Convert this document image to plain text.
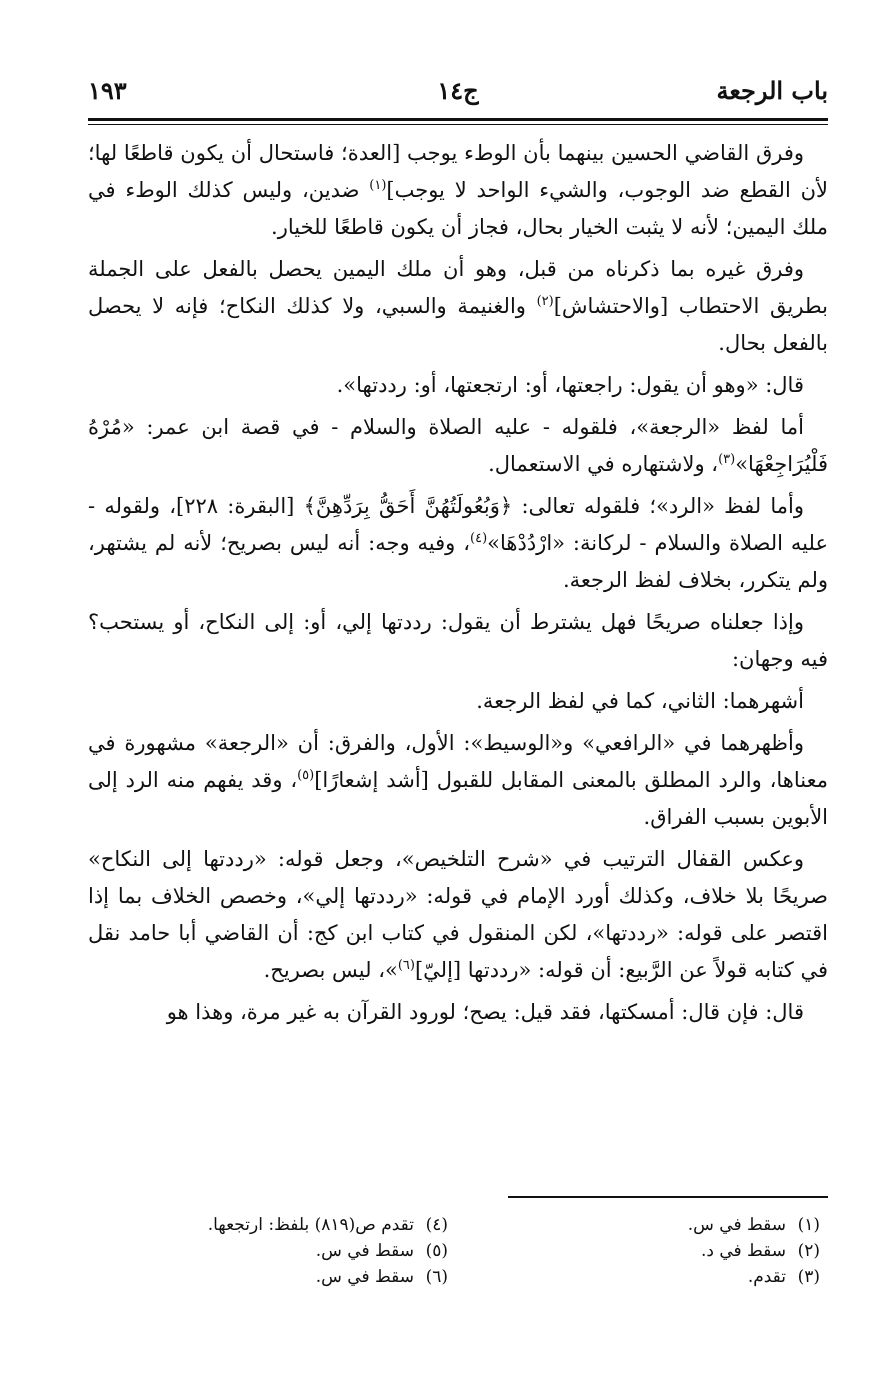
باب الرجعة
ج١٤
١٩٣

وفرق القاضي الحسين بينهما بأن الوطء يوجب [العدة؛ فاستحال أن يكون قاطعًا لها؛ لأن القطع ضد الوجوب، والشيء الواحد لا يوجب]$^{(١)}$ ضدين، وليس كذلك الوطء في ملك اليمين؛ لأنه لا يثبت الخيار بحال، فجاز أن يكون قاطعًا للخيار.

وفرق غيره بما ذكرناه من قبل، وهو أن ملك اليمين يحصل بالفعل على الجملة بطريق الاحتطاب [والاحتشاش]$^{(٢)}$ والغنيمة والسبي، ولا كذلك النكاح؛ فإنه لا يحصل بالفعل بحال.

قال: «وهو أن يقول: راجعتها، أو: ارتجعتها، أو: رددتها».

أما لفظ «الرجعة»، فلقوله - عليه الصلاة والسلام - في قصة ابن عمر: «مُرْهُ فَلْيُرَاجِعْهَا»$^{(٣)}$، ولاشتهاره في الاستعمال.

وأما لفظ «الرد»؛ فلقوله تعالى: ﴿وَبُعُولَتُهُنَّ أَحَقُّ بِرَدِّهِنَّ﴾ [البقرة: ٢٢٨]، ولقوله - عليه الصلاة والسلام - لركانة: «ارْدُدْهَا»$^{(٤)}$، وفيه وجه: أنه ليس بصريح؛ لأنه لم يشتهر، ولم يتكرر، بخلاف لفظ الرجعة.

وإذا جعلناه صريحًا فهل يشترط أن يقول: رددتها إلي، أو: إلى النكاح، أو يستحب؟ فيه وجهان:

أشهرهما: الثاني، كما في لفظ الرجعة.

وأظهرهما في «الرافعي» و«الوسيط»: الأول، والفرق: أن «الرجعة» مشهورة في معناها، والرد المطلق بالمعنى المقابل للقبول [أشد إشعارًا]$^{(٥)}$، وقد يفهم منه الرد إلى الأبوين بسبب الفراق.

وعكس القفال الترتيب في «شرح التلخيص»، وجعل قوله: «رددتها إلى النكاح» صريحًا بلا خلاف، وكذلك أورد الإمام في قوله: «رددتها إلي»، وخصص الخلاف بما إذا اقتصر على قوله: «رددتها»، لكن المنقول في كتاب ابن كج: أن القاضي أبا حامد نقل في كتابه قولاً عن الرَّبيع: أن قوله: «رددتها [إليّ]$^{(٦)}$»، ليس بصريح.

قال: فإن قال: أمسكتها، فقد قيل: يصح؛ لورود القرآن به غير مرة، وهذا هو

(١)سقط في س.
(٢)سقط في د.
(٣)تقدم.
(٤)تقدم ص(٨١٩) بلفظ: ارتجعها.
(٥)سقط في س.
(٦)سقط في س.
